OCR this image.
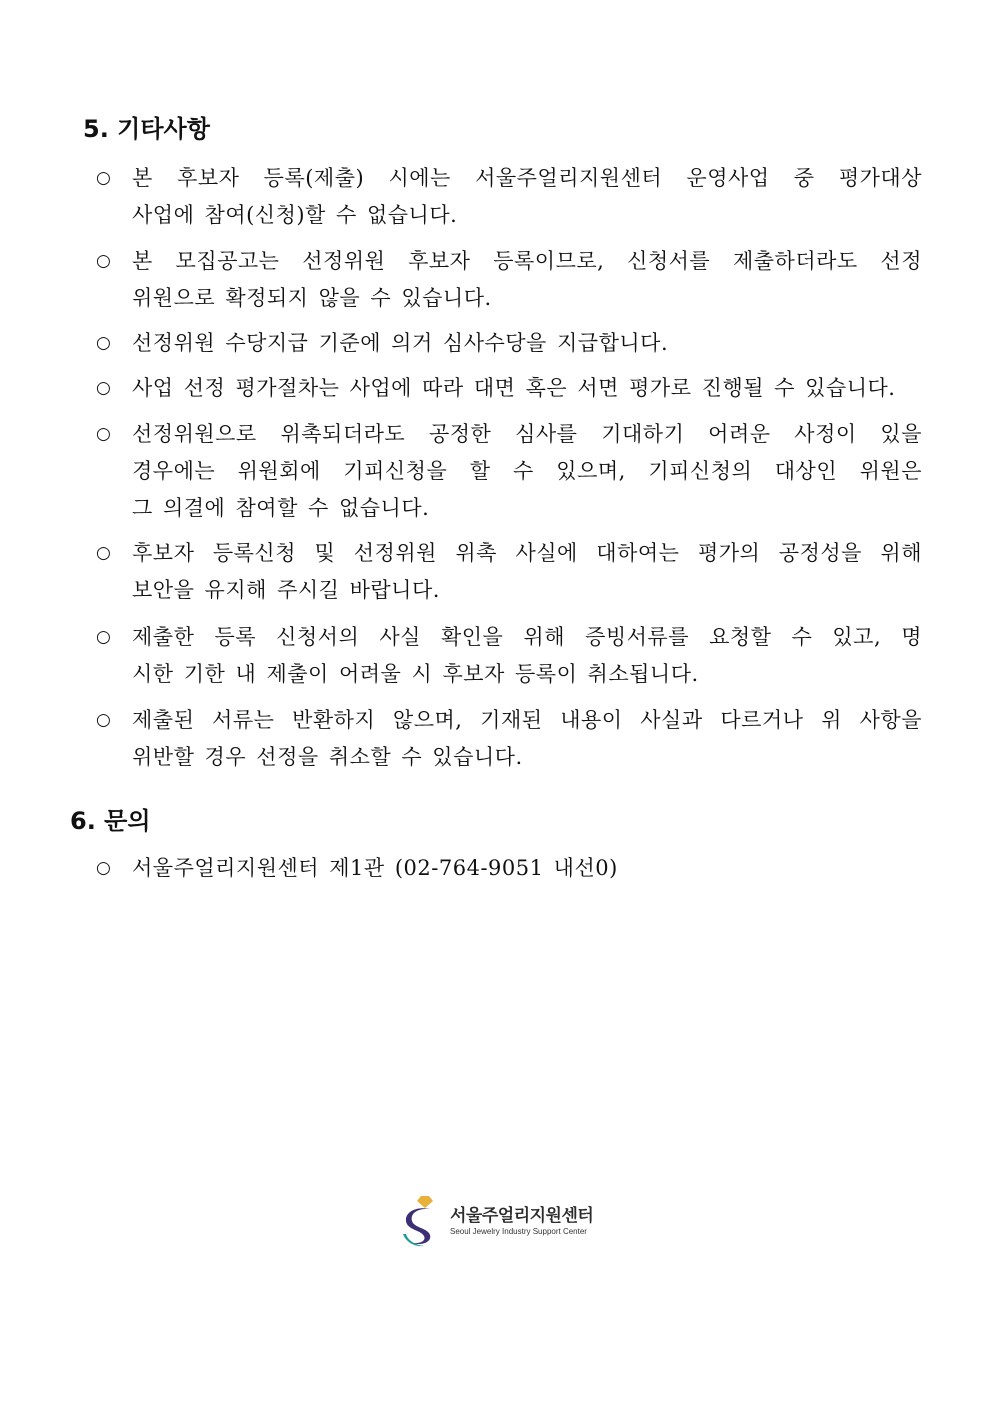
5. 기타사항
○ 본 후보자 등록(제출) 시에는 서울주얼리지원센터 운영사업 중 평가대상
사업에 참여(신청)할 수 없습니다.
○ 본 모집공고는 선정위원 후보자 등록이므로, 신청서를 제출하더라도 선정
위원으로 확정되지 않을 수 있습니다.
○ 선정위원 수당지급 기준에 의거 심사수당을 지급합니다.
○ 사업 선정 평가절차는 사업에 따라 대면 혹은 서면 평가로 진행될 수 있습니다.
○ 선정위원으로 위촉되더라도 공정한 심사를 기대하기 어려운 사정이 있을
경우에는 위원회에 기피신청을 할 수 있으며, 기피신청의 대상인 위원은
그 의결에 참여할 수 없습니다.
○ 후보자 등록신청 및 선정위원 위촉 사실에 대하여는 평가의 공정성을 위해
보안을 유지해 주시길 바랍니다.
○ 제출한 등록 신청서의 사실 확인을 위해 증빙서류를 요청할 수 있고, 명
시한 기한 내 제출이 어려울 시 후보자 등록이 취소됩니다.
○ 제출된 서류는 반환하지 않으며, 기재된 내용이 사실과 다르거나 위 사항을
위반할 경우 선정을 취소할 수 있습니다.
6. 문의
○ 서울주얼리지원센터 제1관 (02-764-9051 내선0)
서울주얼리지원센터
Seoul Jewelry Industry Support Center
